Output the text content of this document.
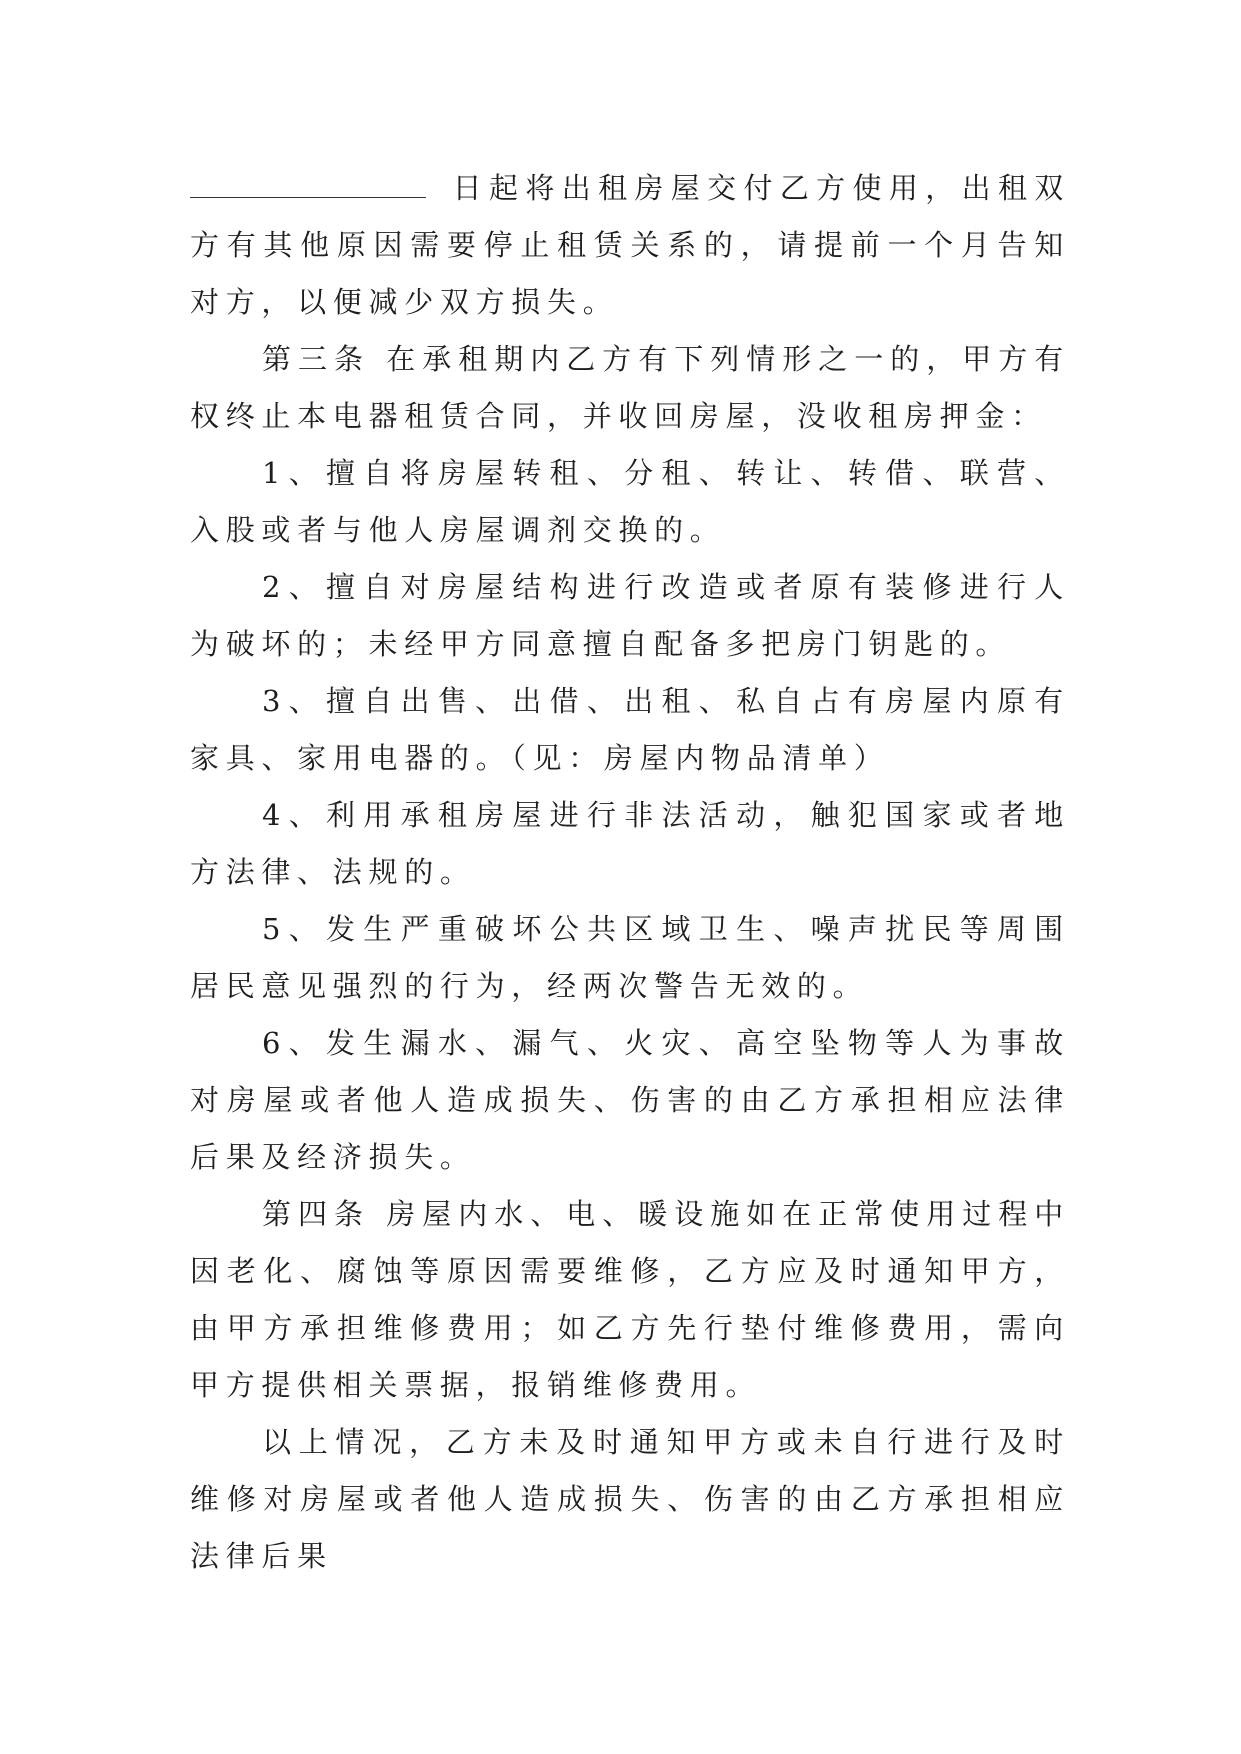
日起将出租房屋交付乙方使用，出租双方有其他原因需要停止租赁关系的，请提前一个月告知对方，以便减少双方损失。

第三条 在承租期内乙方有下列情形之一的，甲方有权终止本电器租赁合同，并收回房屋，没收租房押金：

1、擅自将房屋转租、分租、转让、转借、联营、入股或者与他人房屋调剂交换的。

2、擅自对房屋结构进行改造或者原有装修进行人为破坏的；未经甲方同意擅自配备多把房门钥匙的。

3、擅自出售、出借、出租、私自占有房屋内原有家具、家用电器的。（见：房屋内物品清单）

4、利用承租房屋进行非法活动，触犯国家或者地方法律、法规的。

5、发生严重破坏公共区域卫生、噪声扰民等周围居民意见强烈的行为，经两次警告无效的。

6、发生漏水、漏气、火灾、高空坠物等人为事故对房屋或者他人造成损失、伤害的由乙方承担相应法律后果及经济损失。

第四条 房屋内水、电、暖设施如在正常使用过程中因老化、腐蚀等原因需要维修，乙方应及时通知甲方，由甲方承担维修费用；如乙方先行垫付维修费用，需向甲方提供相关票据，报销维修费用。

以上情况，乙方未及时通知甲方或未自行进行及时维修对房屋或者他人造成损失、伤害的由乙方承担相应法律后果
